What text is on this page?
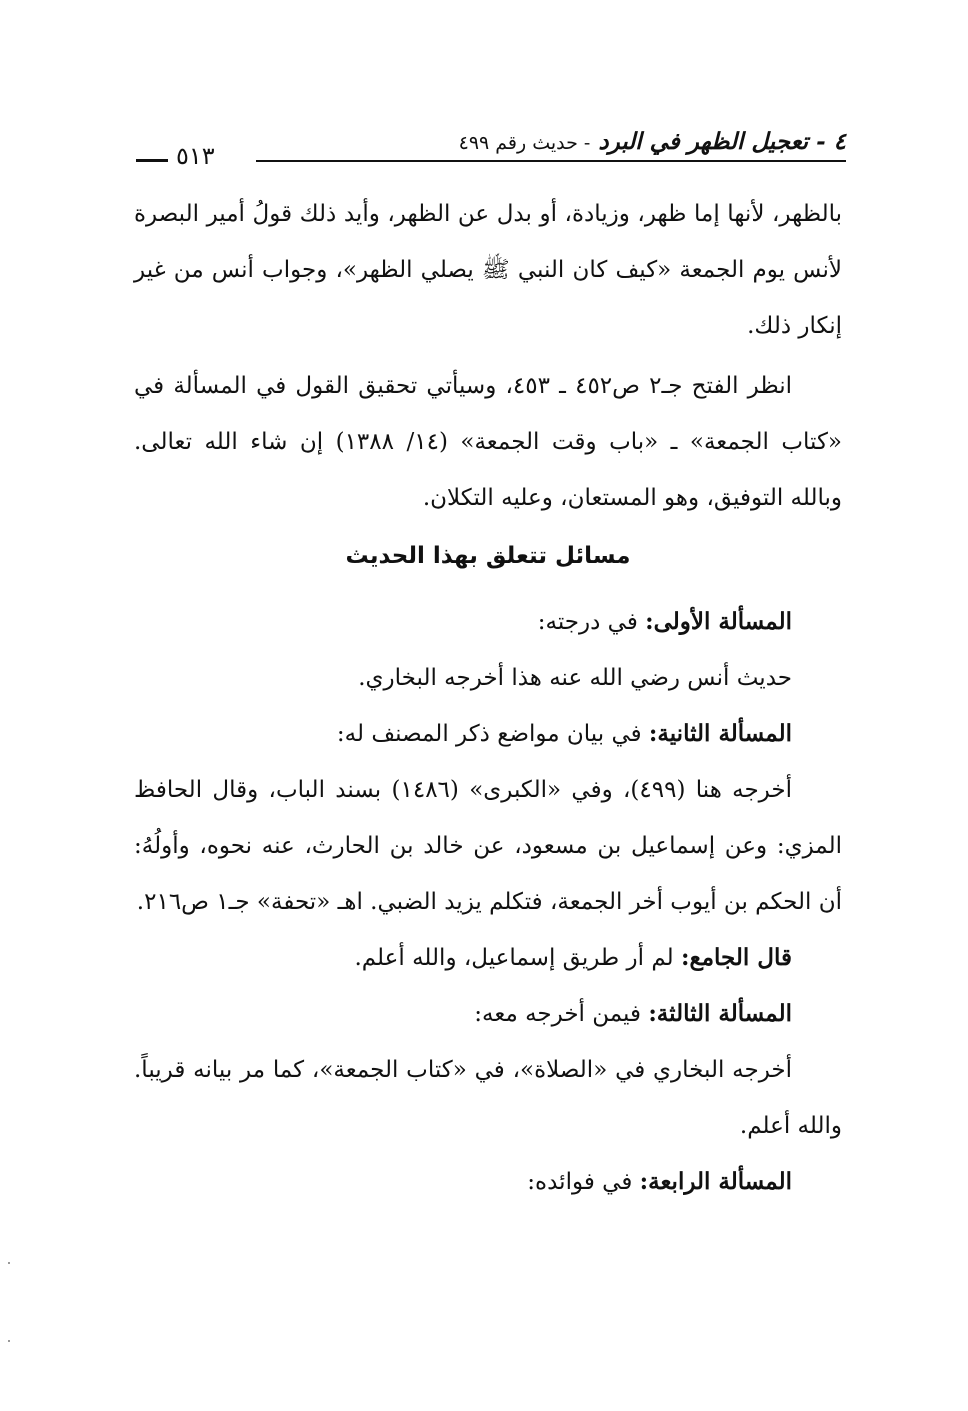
٤ - تعجيل الظهر في البرد - حديث رقم ٤٩٩
٥١٣

بالظهر، لأنها إما ظهر، وزيادة، أو بدل عن الظهر، وأيد ذلك قولُ أمير البصرة لأنس يوم الجمعة «كيف كان النبي ﷺ يصلي الظهر»، وجواب أنس من غير إنكار ذلك.

انظر الفتح جـ٢ ص٤٥٢ ـ ٤٥٣، وسيأتي تحقيق القول في المسألة في «كتاب الجمعة» ـ «باب وقت الجمعة» (١٤/ ١٣٨٨) إن شاء الله تعالى. وبالله التوفيق، وهو المستعان، وعليه التكلان.

مسائل تتعلق بهذا الحديث

المسألة الأولى: في درجته:

حديث أنس رضي الله عنه هذا أخرجه البخاري.

المسألة الثانية: في بيان مواضع ذكر المصنف له:

أخرجه هنا (٤٩٩)، وفي «الكبرى» (١٤٨٦) بسند الباب، وقال الحافظ المزي: وعن إسماعيل بن مسعود، عن خالد بن الحارث، عنه نحوه، وأولُهُ: أن الحكم بن أيوب أخر الجمعة، فتكلم يزيد الضبي. اهـ «تحفة» جـ١ ص٢١٦.

قال الجامع: لم أر طريق إسماعيل، والله أعلم.

المسألة الثالثة: فيمن أخرجه معه:

أخرجه البخاري في «الصلاة»، في «كتاب الجمعة»، كما مر بيانه قريباً. والله أعلم.

المسألة الرابعة: في فوائده:
